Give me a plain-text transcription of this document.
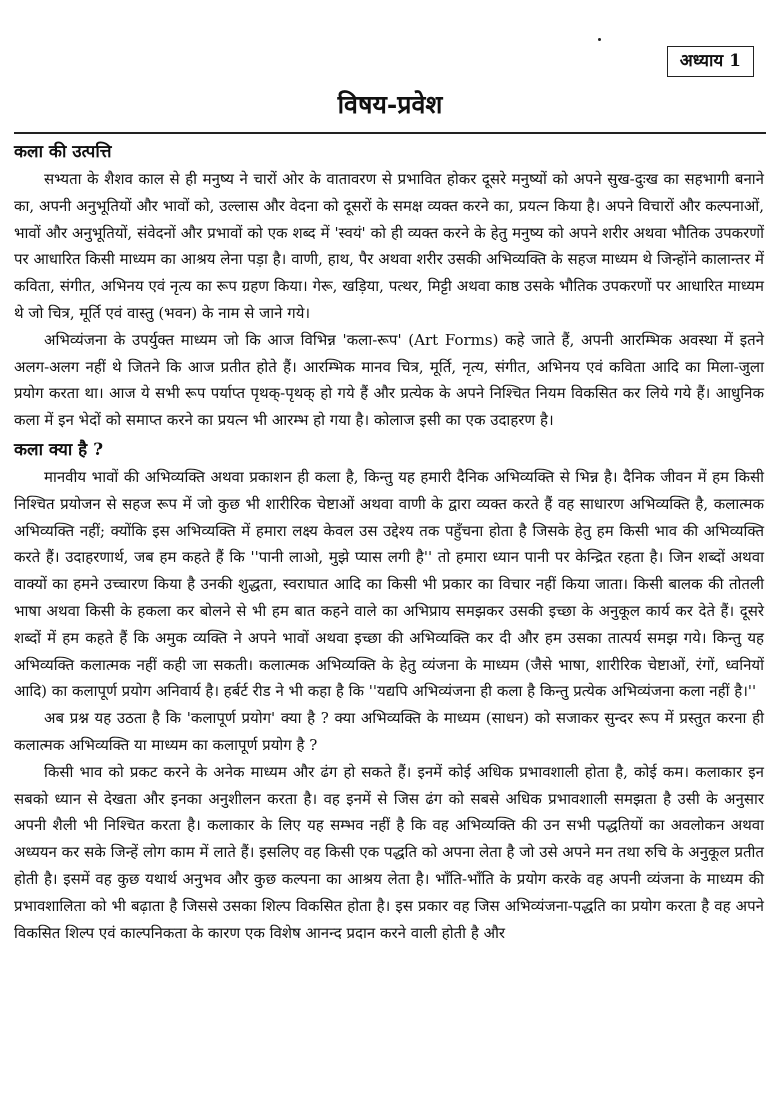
अध्याय 1
विषय-प्रवेश
कला की उत्पत्ति

सभ्यता के शैशव काल से ही मनुष्य ने चारों ओर के वातावरण से प्रभावित होकर दूसरे मनुष्यों को अपने सुख-दुःख का सहभागी बनाने का, अपनी अनुभूतियों और भावों को, उल्लास और वेदना को दूसरों के समक्ष व्यक्त करने का, प्रयत्न किया है। अपने विचारों और कल्पनाओं, भावों और अनुभूतियों, संवेदनों और प्रभावों को एक शब्द में 'स्वयं' को ही व्यक्त करने के हेतु मनुष्य को अपने शरीर अथवा भौतिक उपकरणों पर आधारित किसी माध्यम का आश्रय लेना पड़ा है। वाणी, हाथ, पैर अथवा शरीर उसकी अभिव्यक्ति के सहज माध्यम थे जिन्होंने कालान्तर में कविता, संगीत, अभिनय एवं नृत्य का रूप ग्रहण किया। गेरू, खड़िया, पत्थर, मिट्टी अथवा काष्ठ उसके भौतिक उपकरणों पर आधारित माध्यम थे जो चित्र, मूर्ति एवं वास्तु (भवन) के नाम से जाने गये।

अभिव्यंजना के उपर्युक्त माध्यम जो कि आज विभिन्न 'कला-रूप' (Art Forms) कहे जाते हैं, अपनी आरम्भिक अवस्था में इतने अलग-अलग नहीं थे जितने कि आज प्रतीत होते हैं। आरम्भिक मानव चित्र, मूर्ति, नृत्य, संगीत, अभिनय एवं कविता आदि का मिला-जुला प्रयोग करता था। आज ये सभी रूप पर्याप्त पृथक्-पृथक् हो गये हैं और प्रत्येक के अपने निश्चित नियम विकसित कर लिये गये हैं। आधुनिक कला में इन भेदों को समाप्त करने का प्रयत्न भी आरम्भ हो गया है। कोलाज इसी का एक उदाहरण है।

कला क्या है ?

मानवीय भावों की अभिव्यक्ति अथवा प्रकाशन ही कला है, किन्तु यह हमारी दैनिक अभिव्यक्ति से भिन्न है। दैनिक जीवन में हम किसी निश्चित प्रयोजन से सहज रूप में जो कुछ भी शारीरिक चेष्टाओं अथवा वाणी के द्वारा व्यक्त करते हैं वह साधारण अभिव्यक्ति है, कलात्मक अभिव्यक्ति नहीं; क्योंकि इस अभिव्यक्ति में हमारा लक्ष्य केवल उस उद्देश्य तक पहुँचना होता है जिसके हेतु हम किसी भाव की अभिव्यक्ति करते हैं। उदाहरणार्थ, जब हम कहते हैं कि ''पानी लाओ, मुझे प्यास लगी है'' तो हमारा ध्यान पानी पर केन्द्रित रहता है। जिन शब्दों अथवा वाक्यों का हमने उच्चारण किया है उनकी शुद्धता, स्वराघात आदि का किसी भी प्रकार का विचार नहीं किया जाता। किसी बालक की तोतली भाषा अथवा किसी के हकला कर बोलने से भी हम बात कहने वाले का अभिप्राय समझकर उसकी इच्छा के अनुकूल कार्य कर देते हैं। दूसरे शब्दों में हम कहते हैं कि अमुक व्यक्ति ने अपने भावों अथवा इच्छा की अभिव्यक्ति कर दी और हम उसका तात्पर्य समझ गये। किन्तु यह अभिव्यक्ति कलात्मक नहीं कही जा सकती। कलात्मक अभिव्यक्ति के हेतु व्यंजना के माध्यम (जैसे भाषा, शारीरिक चेष्टाओं, रंगों, ध्वनियों आदि) का कलापूर्ण प्रयोग अनिवार्य है। हर्बर्ट रीड ने भी कहा है कि ''यद्यपि अभिव्यंजना ही कला है किन्तु प्रत्येक अभिव्यंजना कला नहीं है।''

अब प्रश्न यह उठता है कि 'कलापूर्ण प्रयोग' क्या है ? क्या अभिव्यक्ति के माध्यम (साधन) को सजाकर सुन्दर रूप में प्रस्तुत करना ही कलात्मक अभिव्यक्ति या माध्यम का कलापूर्ण प्रयोग है ?

किसी भाव को प्रकट करने के अनेक माध्यम और ढंग हो सकते हैं। इनमें कोई अधिक प्रभावशाली होता है, कोई कम। कलाकार इन सबको ध्यान से देखता और इनका अनुशीलन करता है। वह इनमें से जिस ढंग को सबसे अधिक प्रभावशाली समझता है उसी के अनुसार अपनी शैली भी निश्चित करता है। कलाकार के लिए यह सम्भव नहीं है कि वह अभिव्यक्ति की उन सभी पद्धतियों का अवलोकन अथवा अध्ययन कर सके जिन्हें लोग काम में लाते हैं। इसलिए वह किसी एक पद्धति को अपना लेता है जो उसे अपने मन तथा रुचि के अनुकूल प्रतीत होती है। इसमें वह कुछ यथार्थ अनुभव और कुछ कल्पना का आश्रय लेता है। भाँति-भाँति के प्रयोग करके वह अपनी व्यंजना के माध्यम की प्रभावशालिता को भी बढ़ाता है जिससे उसका शिल्प विकसित होता है। इस प्रकार वह जिस अभिव्यंजना-पद्धति का प्रयोग करता है वह अपने विकसित शिल्प एवं काल्पनिकता के कारण एक विशेष आनन्द प्रदान करने वाली होती है और
